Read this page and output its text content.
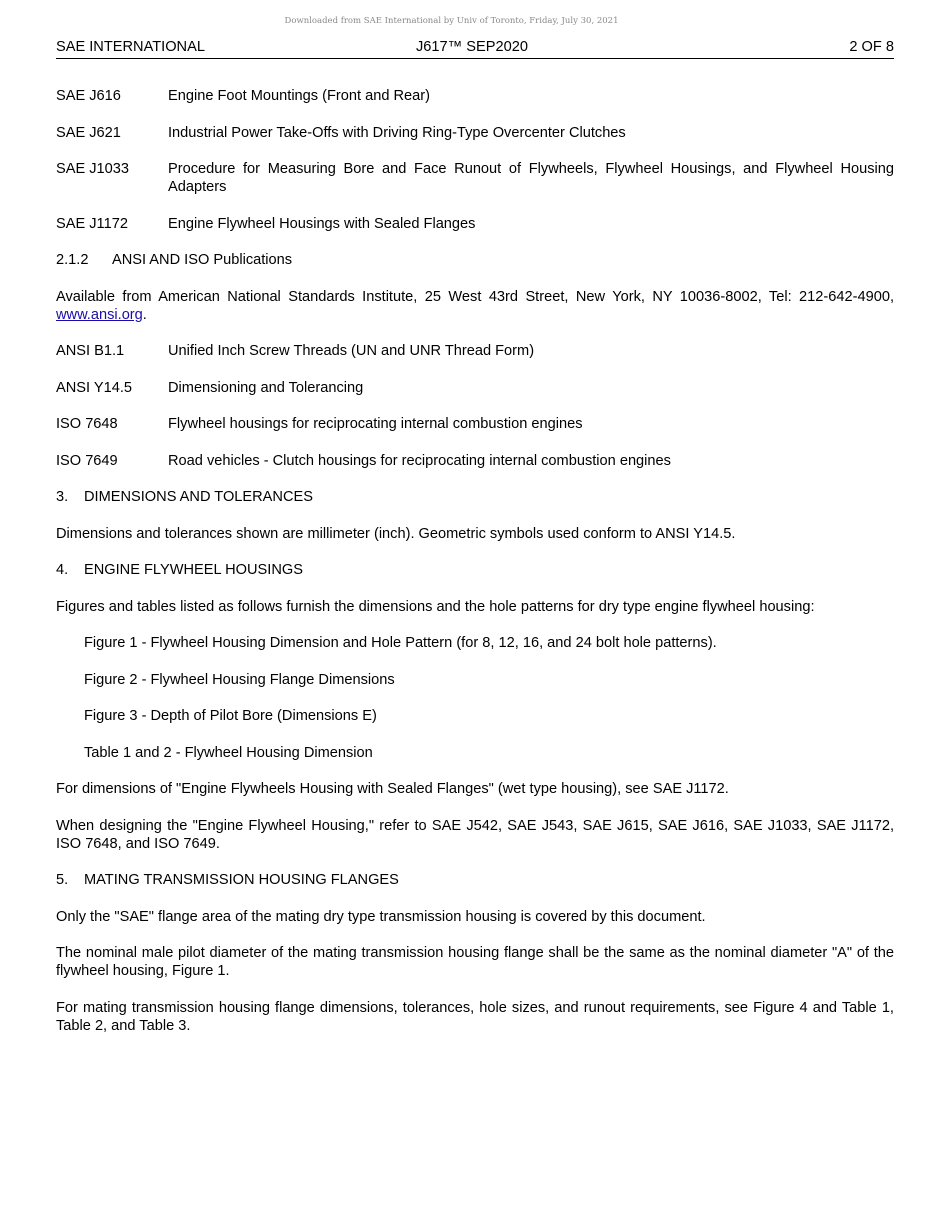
Downloaded from SAE International by Univ of Toronto, Friday, July 30, 2021
SAE INTERNATIONAL	J617™ SEP2020	2 OF 8
SAE J616	Engine Foot Mountings (Front and Rear)
SAE J621	Industrial Power Take-Offs with Driving Ring-Type Overcenter Clutches
SAE J1033	Procedure for Measuring Bore and Face Runout of Flywheels, Flywheel Housings, and Flywheel Housing Adapters
SAE J1172	Engine Flywheel Housings with Sealed Flanges
2.1.2 ANSI AND ISO Publications

Available from American National Standards Institute, 25 West 43rd Street, New York, NY 10036-8002, Tel: 212-642-4900, www.ansi.org.

ANSI B1.1	Unified Inch Screw Threads (UN and UNR Thread Form)
ANSI Y14.5	Dimensioning and Tolerancing
ISO 7648	Flywheel housings for reciprocating internal combustion engines
ISO 7649	Road vehicles - Clutch housings for reciprocating internal combustion engines
3. DIMENSIONS AND TOLERANCES

Dimensions and tolerances shown are millimeter (inch). Geometric symbols used conform to ANSI Y14.5.

4. ENGINE FLYWHEEL HOUSINGS

Figures and tables listed as follows furnish the dimensions and the hole patterns for dry type engine flywheel housing:

Figure 1 - Flywheel Housing Dimension and Hole Pattern (for 8, 12, 16, and 24 bolt hole patterns).
Figure 2 - Flywheel Housing Flange Dimensions
Figure 3 - Depth of Pilot Bore (Dimensions E)
Table 1 and 2 - Flywheel Housing Dimension

For dimensions of "Engine Flywheels Housing with Sealed Flanges" (wet type housing), see SAE J1172.

When designing the "Engine Flywheel Housing," refer to SAE J542, SAE J543, SAE J615, SAE J616, SAE J1033, SAE J1172, ISO 7648, and ISO 7649.

5. MATING TRANSMISSION HOUSING FLANGES

Only the "SAE" flange area of the mating dry type transmission housing is covered by this document.

The nominal male pilot diameter of the mating transmission housing flange shall be the same as the nominal diameter "A" of the flywheel housing, Figure 1.

For mating transmission housing flange dimensions, tolerances, hole sizes, and runout requirements, see Figure 4 and Table 1, Table 2, and Table 3.
